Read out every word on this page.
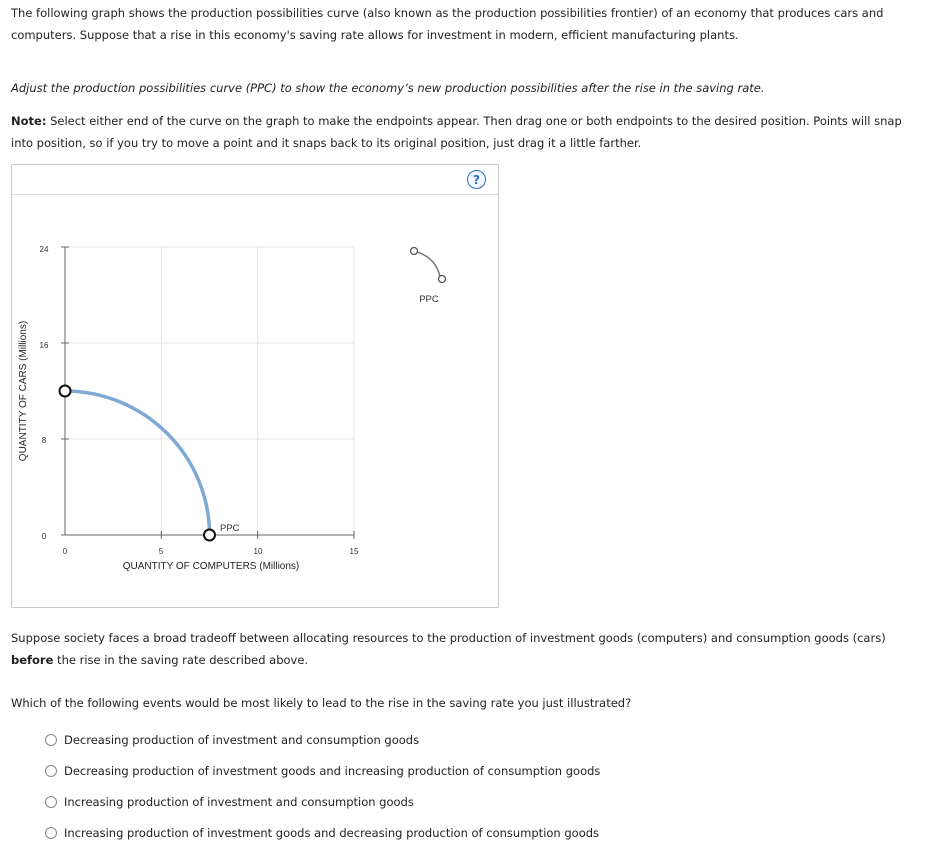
The following graph shows the production possibilities curve (also known as the production possibilities frontier) of an economy that produces cars and computers. Suppose that a rise in this economy's saving rate allows for investment in modern, efficient manufacturing plants.
Adjust the production possibilities curve (PPC) to show the economy’s new production possibilities after the rise in the saving rate.
Note: Select either end of the curve on the graph to make the endpoints appear. Then drag one or both endpoints to the desired position. Points will snap into position, so if you try to move a point and it snaps back to its original position, just drag it a little farther.
?
24
16
8
0
0	5	10	15
QUANTITY OF COMPUTERS (Millions)
QUANTITY OF CARS (Millions)
PPC
PPC
Suppose society faces a broad tradeoff between allocating resources to the production of investment goods (computers) and consumption goods (cars)
before the rise in the saving rate described above.
Which of the following events would be most likely to lead to the rise in the saving rate you just illustrated?
Decreasing production of investment and consumption goods
Decreasing production of investment goods and increasing production of consumption goods
Increasing production of investment and consumption goods
Increasing production of investment goods and decreasing production of consumption goods
